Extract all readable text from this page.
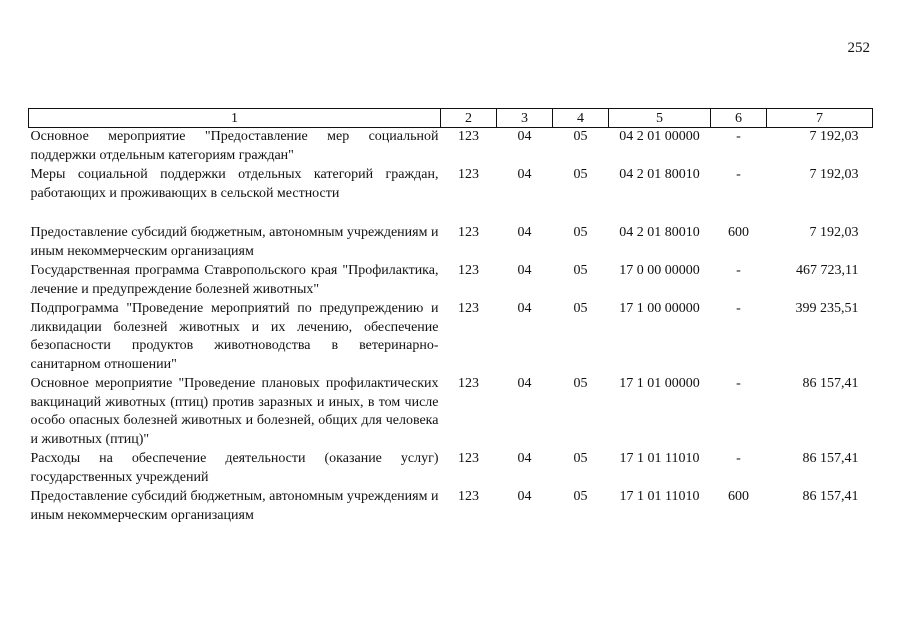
252
1	2	3	4	5	6	7
Основное мероприятие "Предоставление мер социальной поддержки отдельным категориям граждан"	123	04	05	04 2 01 00000	-	7 192,03
Меры социальной поддержки отдельных категорий граждан, работающих и проживающих в сельской местности	123	04	05	04 2 01 80010	-	7 192,03
Предоставление субсидий бюджетным, автономным учреждениям и иным некоммерческим организациям	123	04	05	04 2 01 80010	600	7 192,03
Государственная программа Ставропольского края "Профилактика, лечение и предупреждение болезней животных"	123	04	05	17 0 00 00000	-	467 723,11
Подпрограмма "Проведение мероприятий по предупреждению и ликвидации болезней животных и их лечению, обеспечение безопасности продуктов животноводства в ветеринарно-санитарном отношении"	123	04	05	17 1 00 00000	-	399 235,51
Основное мероприятие "Проведение плановых профилактических вакцинаций животных (птиц) против заразных и иных, в том числе особо опасных болезней животных и болезней, общих для человека и животных (птиц)"	123	04	05	17 1 01 00000	-	86 157,41
Расходы на обеспечение деятельности (оказание услуг) государственных учреждений	123	04	05	17 1 01 11010	-	86 157,41
Предоставление субсидий бюджетным, автономным учреждениям и иным некоммерческим организациям	123	04	05	17 1 01 11010	600	86 157,41
